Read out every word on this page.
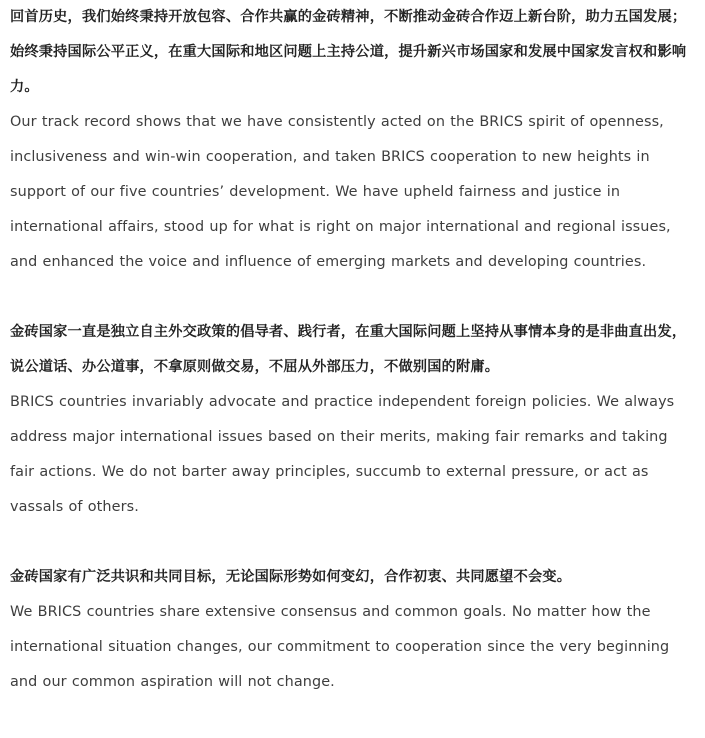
回首历史，我们始终秉持开放包容、合作共赢的金砖精神，不断推动金砖合作迈上新台阶，助力五国发展；始终秉持国际公平正义，在重大国际和地区问题上主持公道，提升新兴市场国家和发展中国家发言权和影响力。

Our track record shows that we have consistently acted on the BRICS spirit of openness, inclusiveness and win-win cooperation, and taken BRICS cooperation to new heights in support of our five countries’ development. We have upheld fairness and justice in international affairs, stood up for what is right on major international and regional issues, and enhanced the voice and influence of emerging markets and developing countries.

金砖国家一直是独立自主外交政策的倡导者、践行者，在重大国际问题上坚持从事情本身的是非曲直出发，说公道话、办公道事，不拿原则做交易，不屈从外部压力，不做别国的附庸。

BRICS countries invariably advocate and practice independent foreign policies. We always address major international issues based on their merits, making fair remarks and taking fair actions. We do not barter away principles, succumb to external pressure, or act as vassals of others.

金砖国家有广泛共识和共同目标，无论国际形势如何变幻，合作初衷、共同愿望不会变。

We BRICS countries share extensive consensus and common goals. No matter how the international situation changes, our commitment to cooperation since the very beginning and our common aspiration will not change.
